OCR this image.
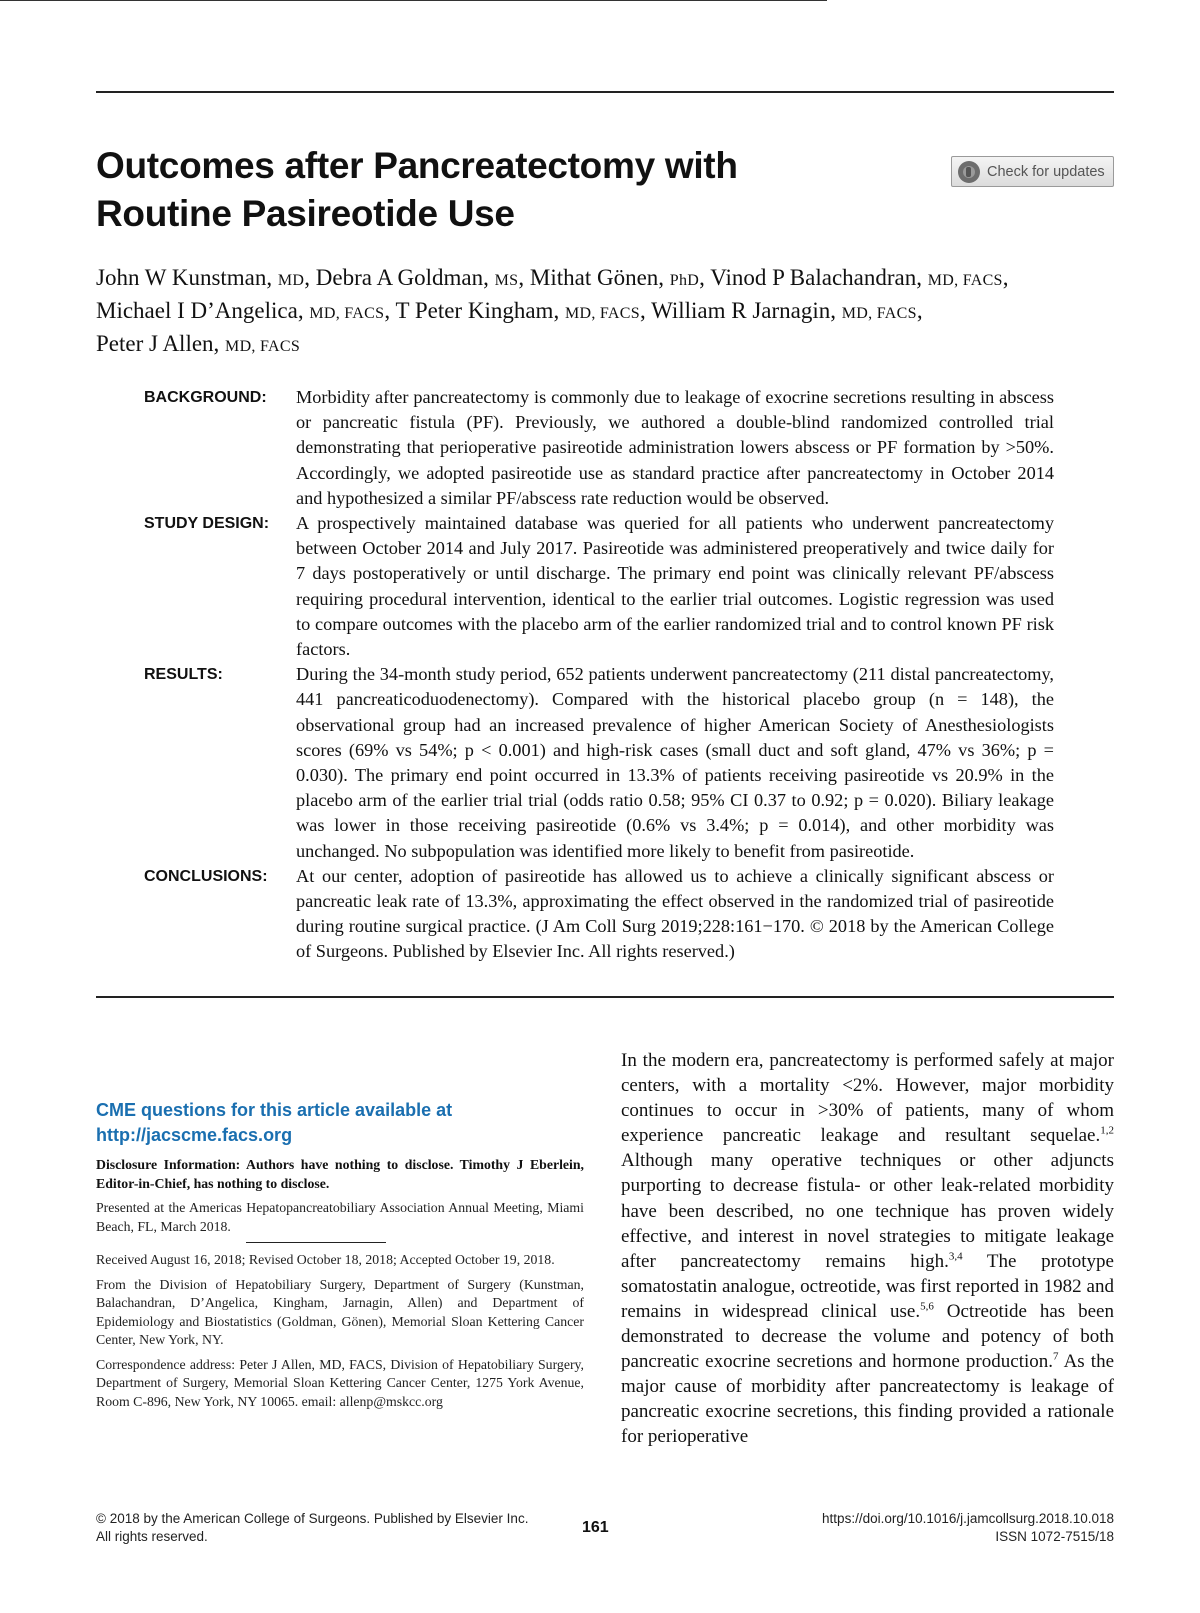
Outcomes after Pancreatectomy with Routine Pasireotide Use
Check for updates
John W Kunstman, MD, Debra A Goldman, MS, Mithat Gönen, PhD, Vinod P Balachandran, MD, FACS,
Michael I D’Angelica, MD, FACS, T Peter Kingham, MD, FACS, William R Jarnagin, MD, FACS,
Peter J Allen, MD, FACS
BACKGROUND:	Morbidity after pancreatectomy is commonly due to leakage of exocrine secretions resulting in abscess or pancreatic fistula (PF). Previously, we authored a double-blind randomized controlled trial demonstrating that perioperative pasireotide administration lowers abscess or PF formation by >50%. Accordingly, we adopted pasireotide use as standard practice after pancreatectomy in October 2014 and hypothesized a similar PF/abscess rate reduction would be observed.
STUDY DESIGN:	A prospectively maintained database was queried for all patients who underwent pancreatectomy between October 2014 and July 2017. Pasireotide was administered preoperatively and twice daily for 7 days postoperatively or until discharge. The primary end point was clinically relevant PF/abscess requiring procedural intervention, identical to the earlier trial outcomes. Logistic regression was used to compare outcomes with the placebo arm of the earlier randomized trial and to control known PF risk factors.
RESULTS:	During the 34-month study period, 652 patients underwent pancreatectomy (211 distal pancreatectomy, 441 pancreaticoduodenectomy). Compared with the historical placebo group (n = 148), the observational group had an increased prevalence of higher American Society of Anesthesiologists scores (69% vs 54%; p < 0.001) and high-risk cases (small duct and soft gland, 47% vs 36%; p = 0.030). The primary end point occurred in 13.3% of patients receiving pasireotide vs 20.9% in the placebo arm of the earlier trial trial (odds ratio 0.58; 95% CI 0.37 to 0.92; p = 0.020). Biliary leakage was lower in those receiving pasireotide (0.6% vs 3.4%; p = 0.014), and other morbidity was unchanged. No subpopulation was identified more likely to benefit from pasireotide.
CONCLUSIONS:	At our center, adoption of pasireotide has allowed us to achieve a clinically significant abscess or pancreatic leak rate of 13.3%, approximating the effect observed in the randomized trial of pasireotide during routine surgical practice. (J Am Coll Surg 2019;228:161−170. © 2018 by the American College of Surgeons. Published by Elsevier Inc. All rights reserved.)
CME questions for this article available at
http://jacscme.facs.org

Disclosure Information: Authors have nothing to disclose. Timothy J Eberlein, Editor-in-Chief, has nothing to disclose.

Presented at the Americas Hepatopancreatobiliary Association Annual Meeting, Miami Beach, FL, March 2018.

Received August 16, 2018; Revised October 18, 2018; Accepted October 19, 2018.

From the Division of Hepatobiliary Surgery, Department of Surgery (Kunstman, Balachandran, D’Angelica, Kingham, Jarnagin, Allen) and Department of Epidemiology and Biostatistics (Goldman, Gönen), Memorial Sloan Kettering Cancer Center, New York, NY.

Correspondence address: Peter J Allen, MD, FACS, Division of Hepatobiliary Surgery, Department of Surgery, Memorial Sloan Kettering Cancer Center, 1275 York Avenue, Room C-896, New York, NY 10065. email: allenp@mskcc.org

In the modern era, pancreatectomy is performed safely at major centers, with a mortality <2%. However, major morbidity continues to occur in >30% of patients, many of whom experience pancreatic leakage and resultant sequelae.$^{1,2}$ Although many operative techniques or other adjuncts purporting to decrease fistula- or other leak-related morbidity have been described, no one technique has proven widely effective, and interest in novel strategies to mitigate leakage after pancreatectomy remains high.$^{3,4}$ The prototype somatostatin analogue, octreotide, was first reported in 1982 and remains in widespread clinical use.$^{5,6}$ Octreotide has been demonstrated to decrease the volume and potency of both pancreatic exocrine secretions and hormone production.$^7$ As the major cause of morbidity after pancreatectomy is leakage of pancreatic exocrine secretions, this finding provided a rationale for perioperative

© 2018 by the American College of Surgeons. Published by Elsevier Inc.
All rights reserved.
161
https://doi.org/10.1016/j.jamcollsurg.2018.10.018
ISSN 1072-7515/18
